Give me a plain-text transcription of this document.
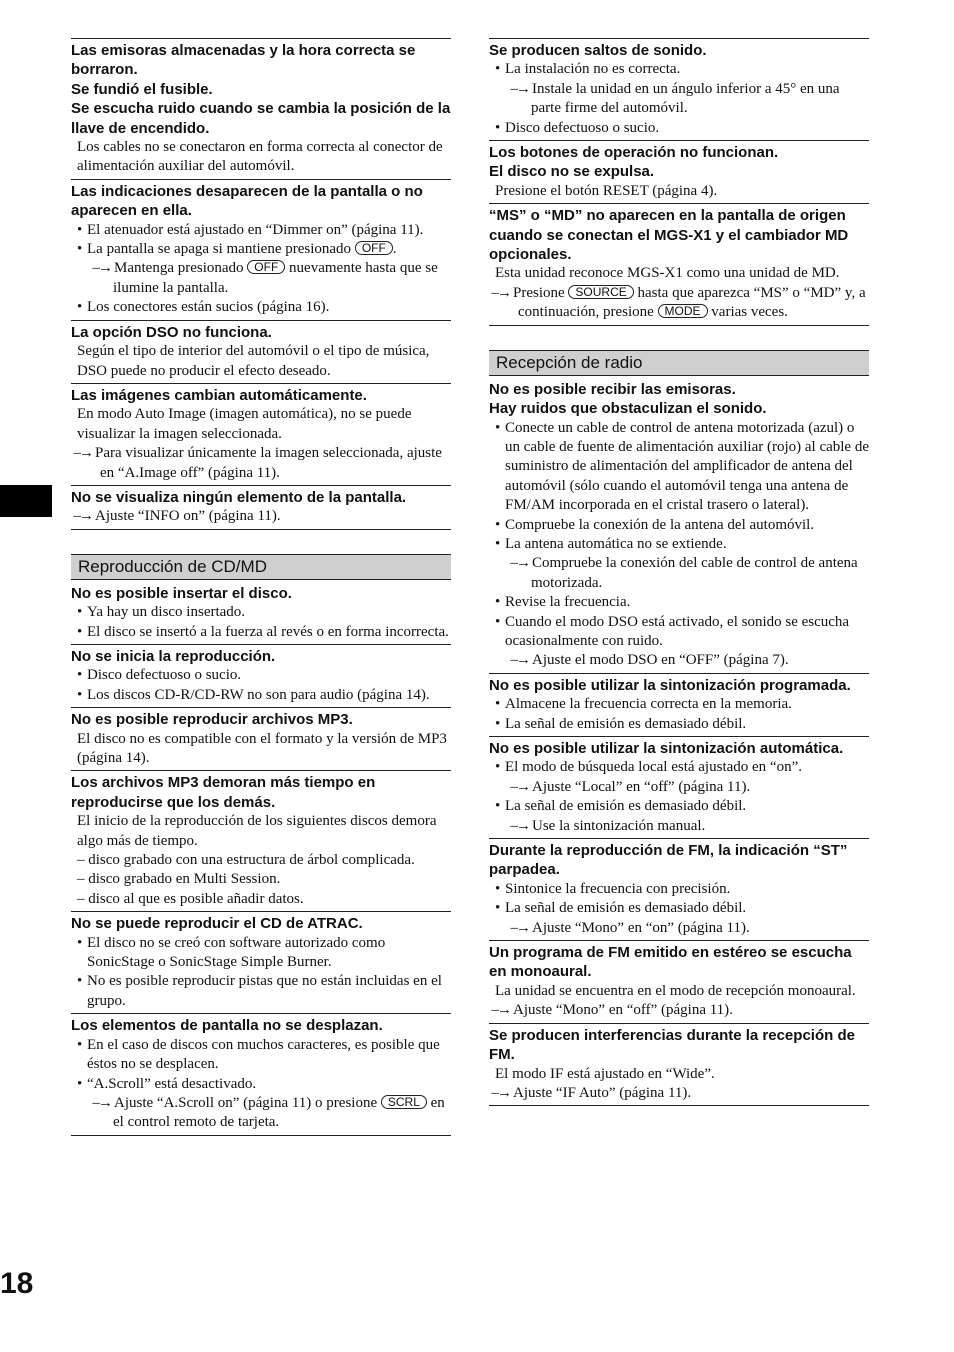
Las emisoras almacenadas y la hora correcta se borraron.
Se fundió el fusible.
Se escucha ruido cuando se cambia la posición de la llave de encendido.
Los cables no se conectaron en forma correcta al conector de alimentación auxiliar del automóvil.
Las indicaciones desaparecen de la pantalla o no aparecen en ella.
• El atenuador está ajustado en “Dimmer on” (página 11).
• La pantalla se apaga si mantiene presionado OFF .
–→ Mantenga presionado OFF nuevamente hasta que se ilumine la pantalla.
• Los conectores están sucios (página 16).
La opción DSO no funciona.
Según el tipo de interior del automóvil o el tipo de música, DSO puede no producir el efecto deseado.
Las imágenes cambian automáticamente.
En modo Auto Image (imagen automática), no se puede visualizar la imagen seleccionada.
–→ Para visualizar únicamente la imagen seleccionada, ajuste en “A.Image off” (página 11).
No se visualiza ningún elemento de la pantalla.
–→ Ajuste “INFO on” (página 11).
Reproducción de CD/MD
No es posible insertar el disco.
• Ya hay un disco insertado.
• El disco se insertó a la fuerza al revés o en forma incorrecta.
No se inicia la reproducción.
• Disco defectuoso o sucio.
• Los discos CD-R/CD-RW no son para audio (página 14).
No es posible reproducir archivos MP3.
El disco no es compatible con el formato y la versión de MP3 (página 14).
Los archivos MP3 demoran más tiempo en reproducirse que los demás.
El inicio de la reproducción de los siguientes discos demora algo más de tiempo.
– disco grabado con una estructura de árbol complicada.
– disco grabado en Multi Session.
– disco al que es posible añadir datos.
No se puede reproducir el CD de ATRAC.
• El disco no se creó con software autorizado como SonicStage o SonicStage Simple Burner.
• No es posible reproducir pistas que no están incluidas en el grupo.
Los elementos de pantalla no se desplazan.
• En el caso de discos con muchos caracteres, es posible que éstos no se desplacen.
• “A.Scroll” está desactivado.
–→ Ajuste “A.Scroll on” (página 11) o presione SCRL en el control remoto de tarjeta.
Se producen saltos de sonido.
• La instalación no es correcta.
–→ Instale la unidad en un ángulo inferior a 45° en una parte firme del automóvil.
• Disco defectuoso o sucio.
Los botones de operación no funcionan.
El disco no se expulsa.
Presione el botón RESET (página 4).
“MS” o “MD” no aparecen en la pantalla de origen cuando se conectan el MGS-X1 y el cambiador MD opcionales.
Esta unidad reconoce MGS-X1 como una unidad de MD.
–→ Presione SOURCE hasta que aparezca “MS” o “MD” y, a continuación, presione MODE varias veces.
Recepción de radio
No es posible recibir las emisoras.
Hay ruidos que obstaculizan el sonido.
• Conecte un cable de control de antena motorizada (azul) o un cable de fuente de alimentación auxiliar (rojo) al cable de suministro de alimentación del amplificador de antena del automóvil (sólo cuando el automóvil tenga una antena de FM/AM incorporada en el cristal trasero o lateral).
• Compruebe la conexión de la antena del automóvil.
• La antena automática no se extiende.
–→ Compruebe la conexión del cable de control de antena motorizada.
• Revise la frecuencia.
• Cuando el modo DSO está activado, el sonido se escucha ocasionalmente con ruido.
–→ Ajuste el modo DSO en “OFF” (página 7).
No es posible utilizar la sintonización programada.
• Almacene la frecuencia correcta en la memoria.
• La señal de emisión es demasiado débil.
No es posible utilizar la sintonización automática.
• El modo de búsqueda local está ajustado en “on”.
–→ Ajuste “Local” en “off” (página 11).
• La señal de emisión es demasiado débil.
–→ Use la sintonización manual.
Durante la reproducción de FM, la indicación “ST” parpadea.
• Sintonice la frecuencia con precisión.
• La señal de emisión es demasiado débil.
–→ Ajuste “Mono” en “on” (página 11).
Un programa de FM emitido en estéreo se escucha en monoaural.
La unidad se encuentra en el modo de recepción monoaural.
–→ Ajuste “Mono” en “off” (página 11).
Se producen interferencias durante la recepción de FM.
El modo IF está ajustado en “Wide”.
–→ Ajuste “IF Auto” (página 11).
18
